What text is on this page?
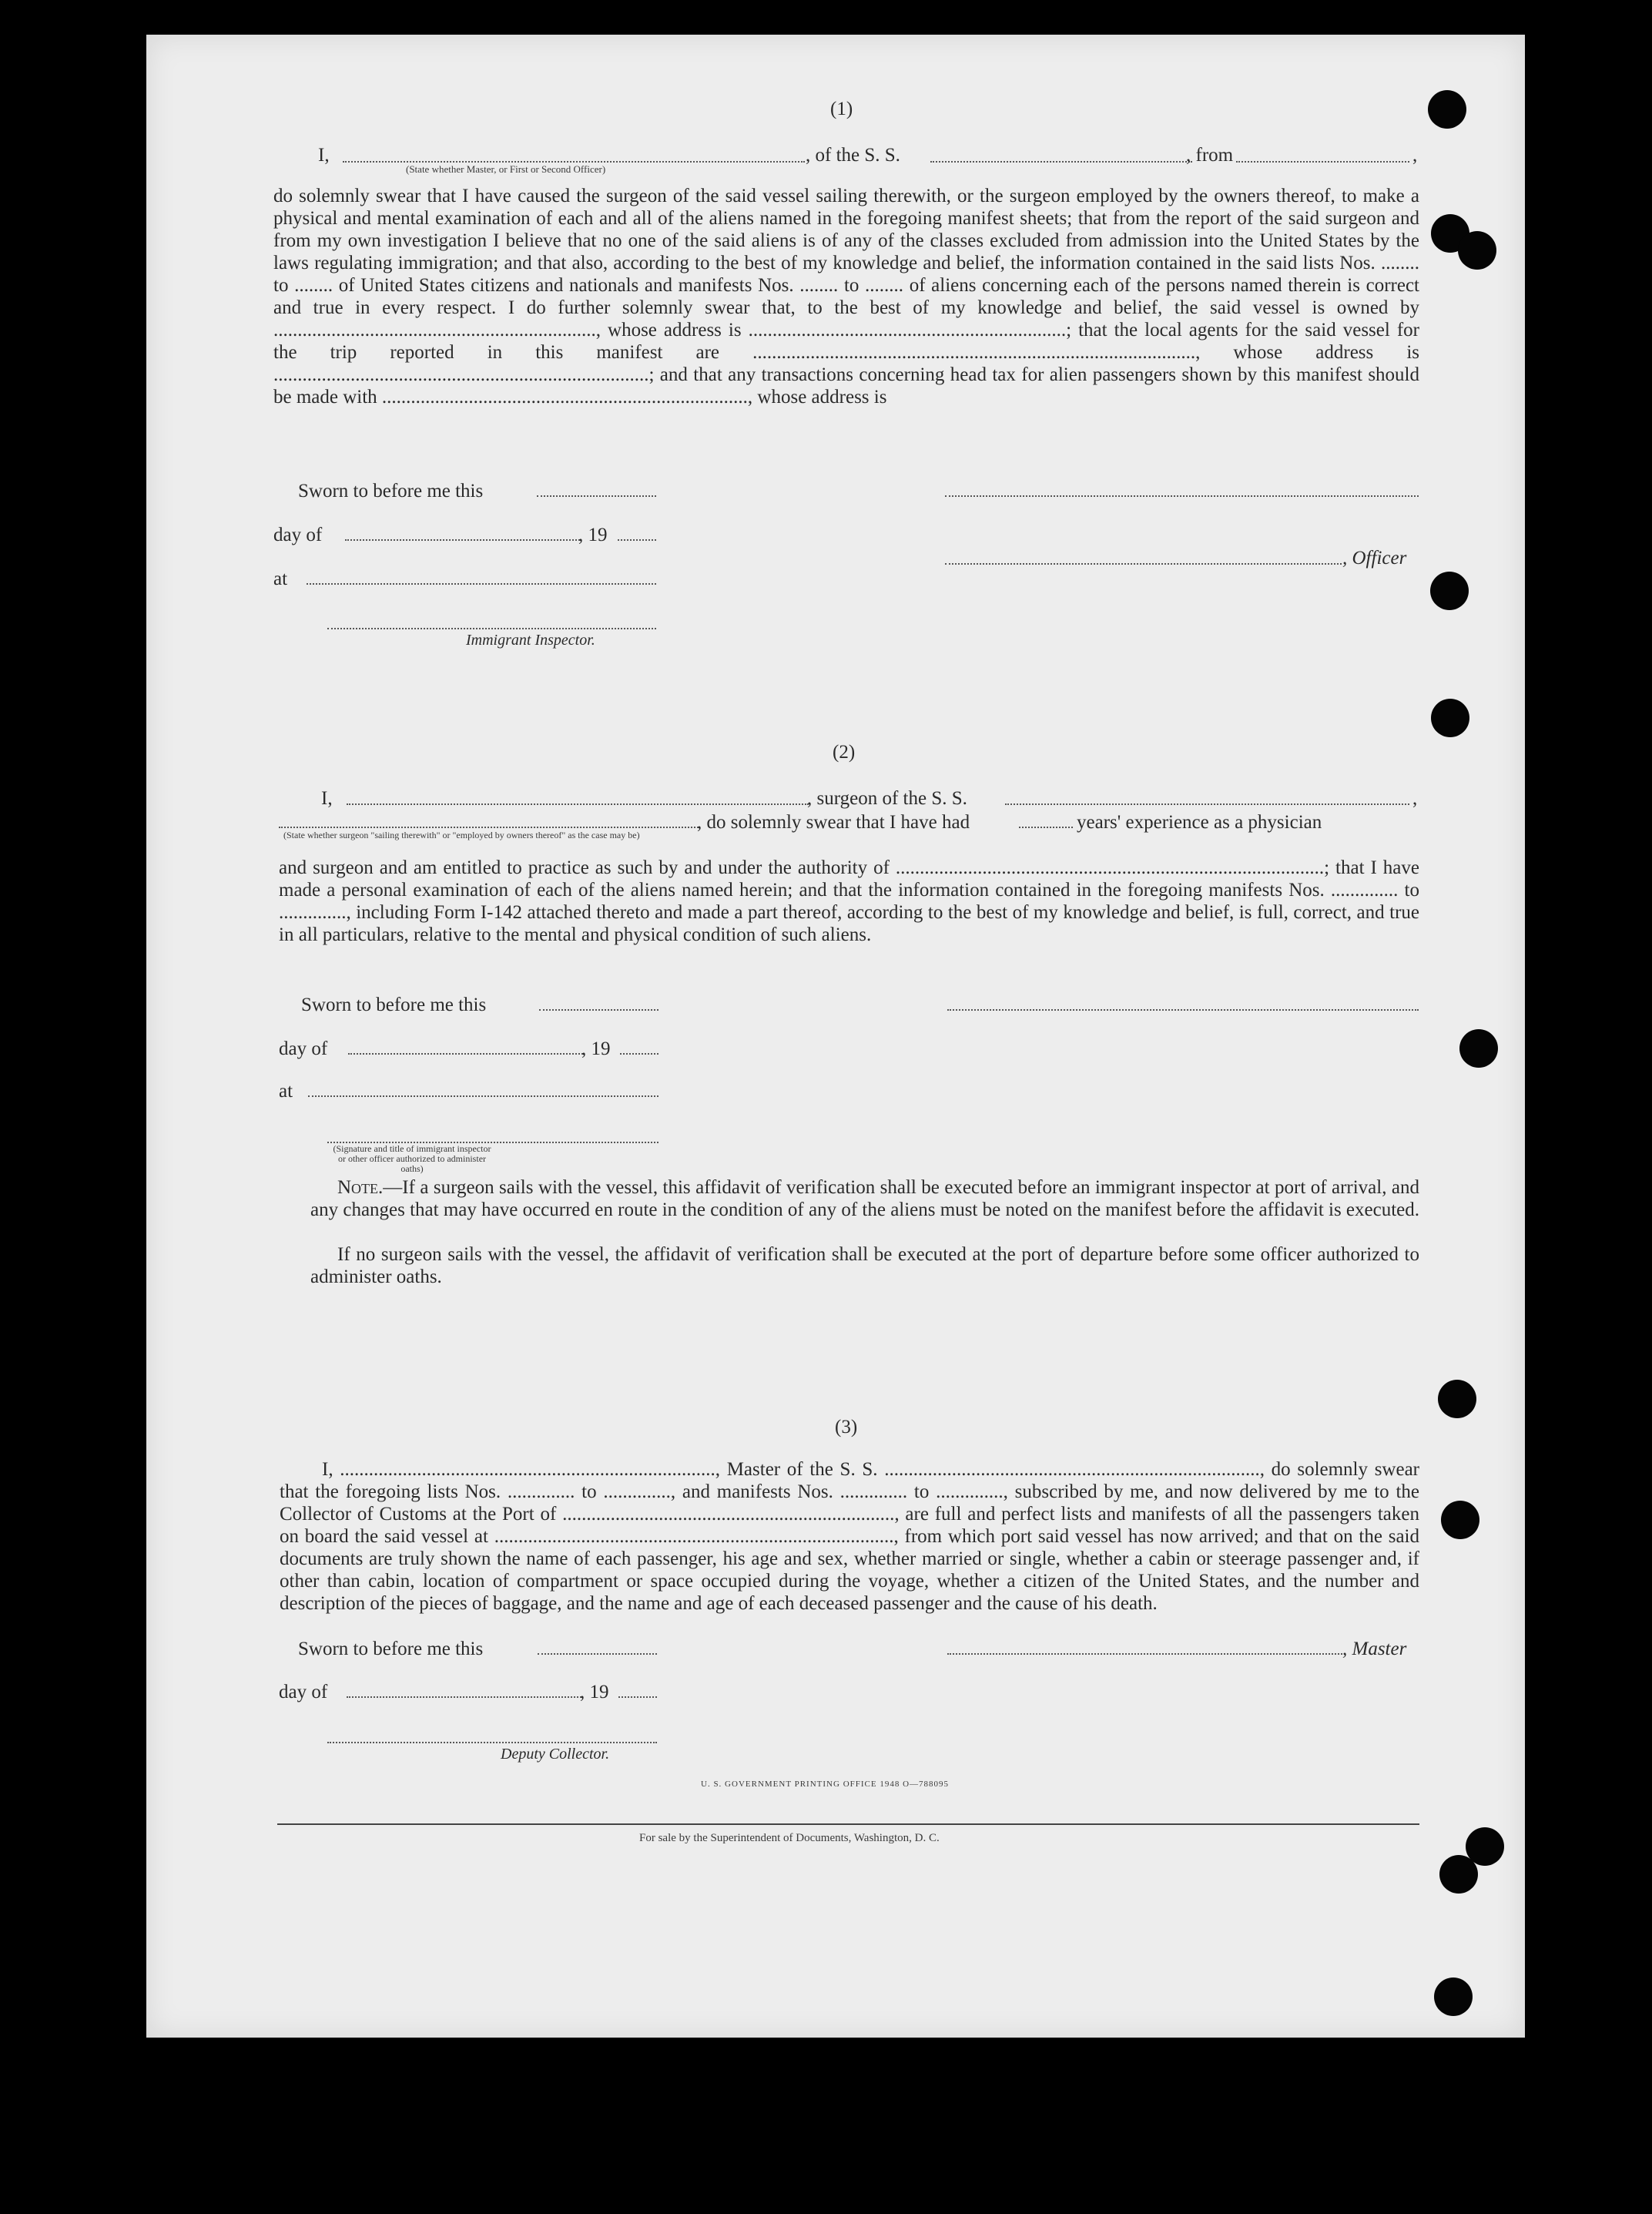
(1)
I,	, of the S. S.	, from	,
(State whether Master, or First or Second Officer)
do solemnly swear that I have caused the surgeon of the said vessel sailing therewith, or the surgeon employed by the owners thereof, to make a physical and mental examination of each and all of the aliens named in the foregoing manifest sheets; that from the report of the said surgeon and from my own investigation I believe that no one of the said aliens is of any of the classes excluded from admission into the United States by the laws regulating immigration; and that also, according to the best of my knowledge and belief, the information contained in the said lists Nos. ........ to ........ of United States citizens and nationals and manifests Nos. ........ to ........ of aliens concerning each of the persons named therein is correct and true in every respect. I do further solemnly swear that, to the best of my knowledge and belief, the said vessel is owned by ..................................................................., whose address is ..................................................................; that the local agents for the said vessel for the trip reported in this manifest are ............................................................................................, whose address is ..............................................................................; and that any transactions concerning head tax for alien passengers shown by this manifest should be made with ............................................................................, whose address is
Sworn to before me this
day of	, 19
, Officer
at
Immigrant Inspector.
(2)
I,	, surgeon of the S. S.	,
, do solemnly swear that I have had	years' experience as a physician
(State whether surgeon "sailing therewith" or "employed by owners thereof" as the case may be)
and surgeon and am entitled to practice as such by and under the authority of .........................................................................................; that I have made a personal examination of each of the aliens named herein; and that the information contained in the foregoing manifests Nos. .............. to .............., including Form I-142 attached thereto and made a part thereof, according to the best of my knowledge and belief, is full, correct, and true in all particulars, relative to the mental and physical condition of such aliens.
Sworn to before me this
day of	, 19
at
(Signature and title of immigrant inspector or other officer authorized to administer oaths)
Note.—If a surgeon sails with the vessel, this affidavit of verification shall be executed before an immigrant inspector at port of arrival, and any changes that may have occurred en route in the condition of any of the aliens must be noted on the manifest before the affidavit is executed.
If no surgeon sails with the vessel, the affidavit of verification shall be executed at the port of departure before some officer authorized to administer oaths.
(3)
I, .............................................................................., Master of the S. S. .............................................................................., do solemnly swear that the foregoing lists Nos. .............. to .............., and manifests Nos. .............. to .............., subscribed by me, and now delivered by me to the Collector of Customs at the Port of ....................................................................., are full and perfect lists and manifests of all the passengers taken on board the said vessel at ..................................................................................., from which port said vessel has now arrived; and that on the said documents are truly shown the name of each passenger, his age and sex, whether married or single, whether a cabin or steerage passenger and, if other than cabin, location of compartment or space occupied during the voyage, whether a citizen of the United States, and the number and description of the pieces of baggage, and the name and age of each deceased passenger and the cause of his death.
Sworn to before me this	, Master
day of	, 19
Deputy Collector.
U. S. GOVERNMENT PRINTING OFFICE 1948 O—788095
For sale by the Superintendent of Documents, Washington, D. C.
